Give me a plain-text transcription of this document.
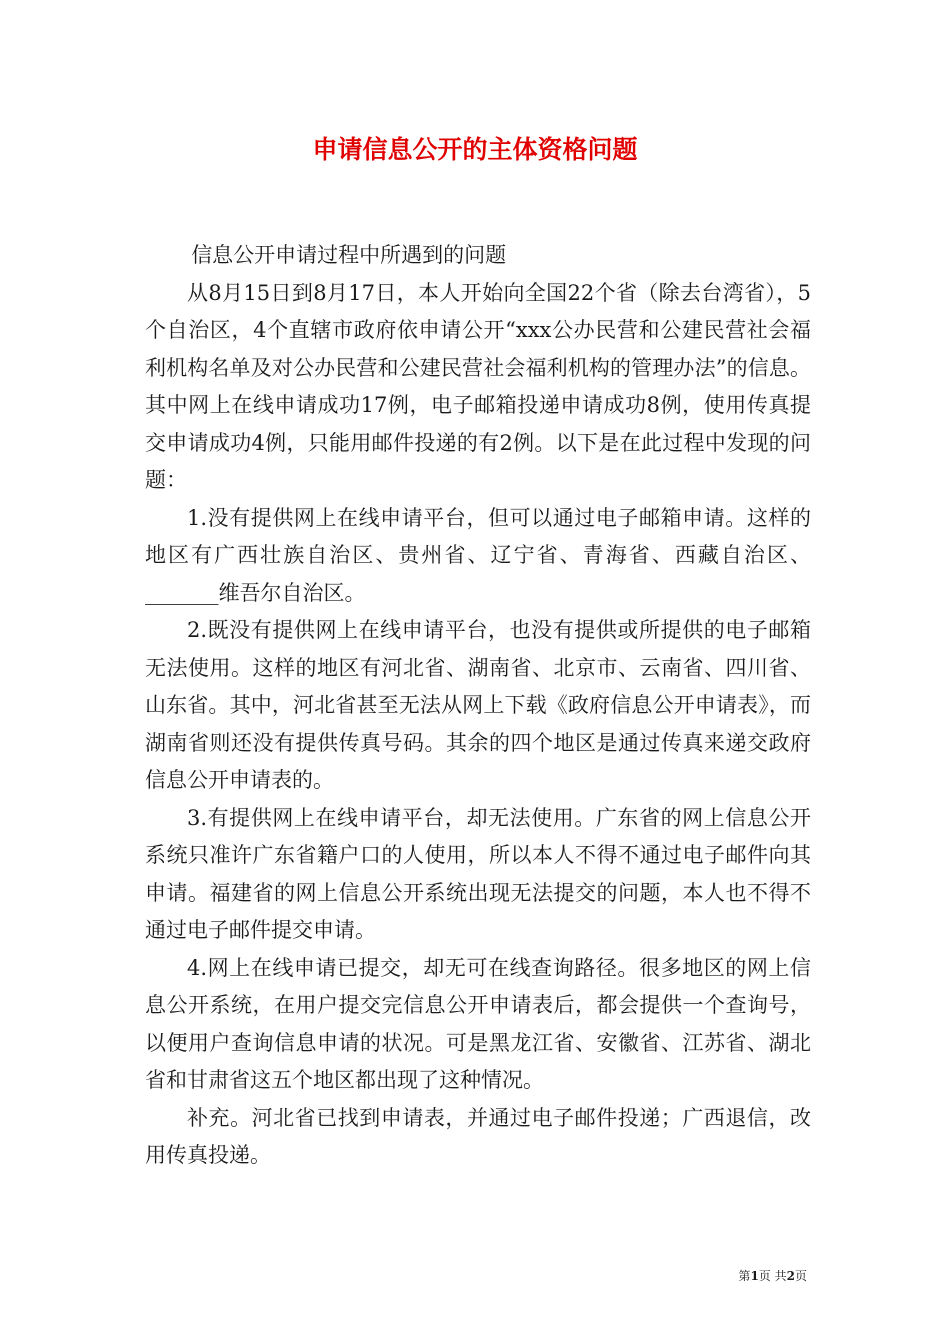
申请信息公开的主体资格问题

信息公开申请过程中所遇到的问题

从8月15日到8月17日，本人开始向全国22个省（除去台湾省），5个自治区，4个直辖市政府依申请公开“xxx公办民营和公建民营社会福利机构名单及对公办民营和公建民营社会福利机构的管理办法”的信息。其中网上在线申请成功17例，电子邮箱投递申请成功8例，使用传真提交申请成功4例，只能用邮件投递的有2例。以下是在此过程中发现的问题：

1.没有提供网上在线申请平台，但可以通过电子邮箱申请。这样的地区有广西壮族自治区、贵州省、辽宁省、青海省、西藏自治区、_______维吾尔自治区。

2.既没有提供网上在线申请平台，也没有提供或所提供的电子邮箱无法使用。这样的地区有河北省、湖南省、北京市、云南省、四川省、山东省。其中，河北省甚至无法从网上下载《政府信息公开申请表》，而湖南省则还没有提供传真号码。其余的四个地区是通过传真来递交政府信息公开申请表的。

3.有提供网上在线申请平台，却无法使用。广东省的网上信息公开系统只准许广东省籍户口的人使用，所以本人不得不通过电子邮件向其申请。福建省的网上信息公开系统出现无法提交的问题，本人也不得不通过电子邮件提交申请。

4.网上在线申请已提交，却无可在线查询路径。很多地区的网上信息公开系统，在用户提交完信息公开申请表后，都会提供一个查询号，以便用户查询信息申请的状况。可是黑龙江省、安徽省、江苏省、湖北省和甘肃省这五个地区都出现了这种情况。

补充。河北省已找到申请表，并通过电子邮件投递；广西退信，改用传真投递。

第1页 共2页
